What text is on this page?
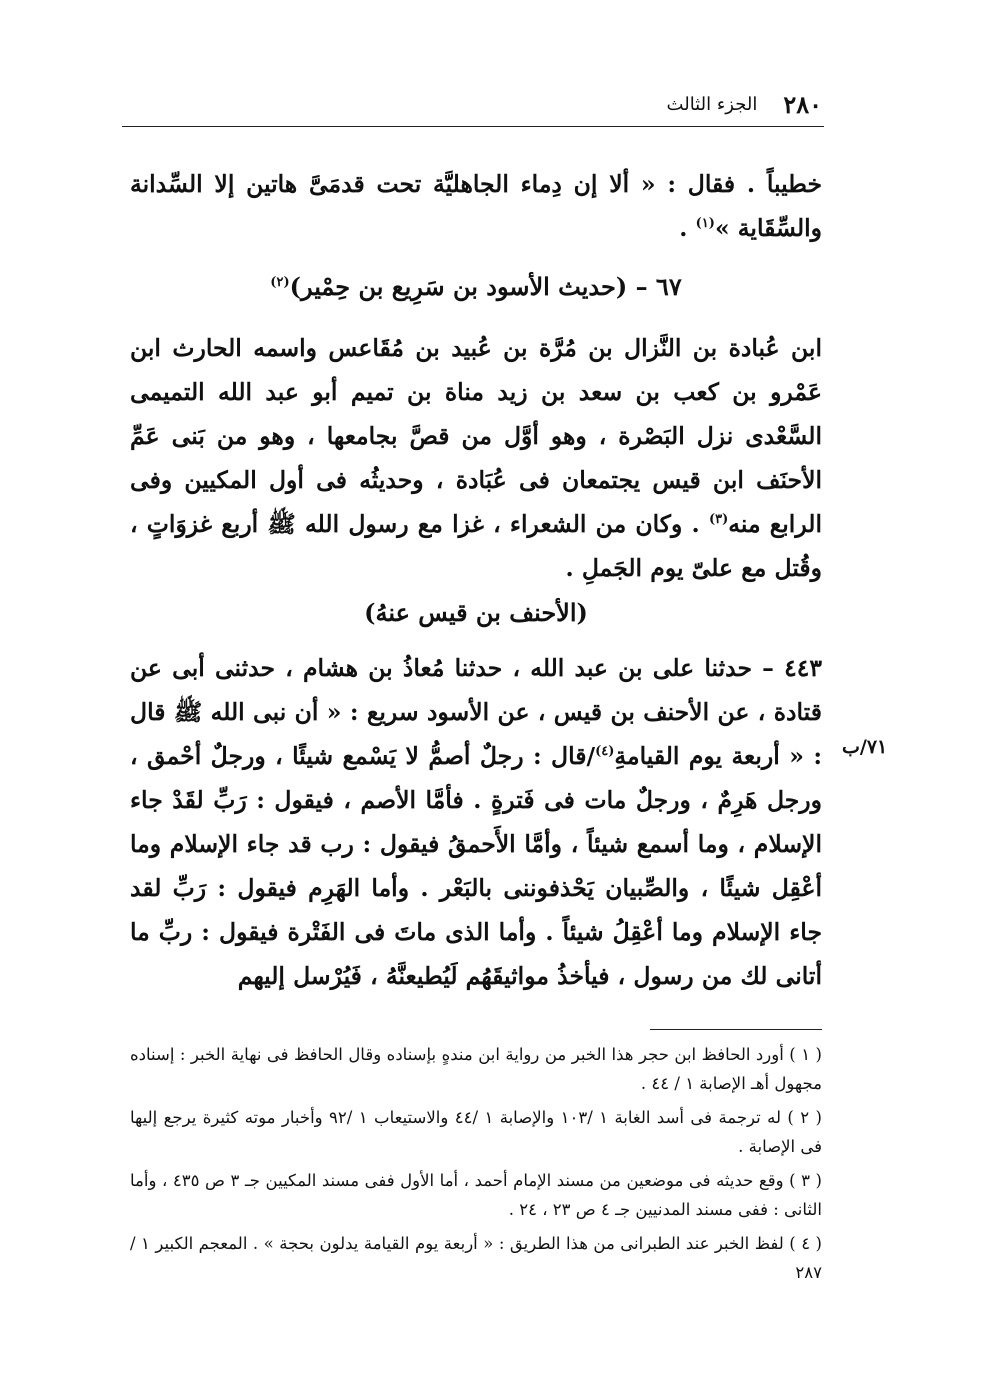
٢٨٠
الجزء الثالث
خطيباً . فقال : « ألا إن دِماء الجاهليَّة تحت قدمَىَّ هاتين إلا السِّدانة والسِّقَاية »$^{(١)}$ .
٦٧ – (حديث الأسود بن سَرِيع بن حِمْير)$^{(٢)}$
ابن عُبادة بن النَّزال بن مُرَّة بن عُبيد بن مُقَاعس واسمه الحارث ابن عَمْرو بن كعب بن سعد بن زيد مناة بن تميم أبو عبد الله التميمى السَّعْدى نزل البَصْرة ، وهو أوَّل من قصَّ بجامعها ، وهو من بَنى عَمِّ الأحنَف ابن قيس يجتمعان فى عُبَادة ، وحديثُه فى أول المكيين وفى الرابع منه$^{(٣)}$ . وكان من الشعراء ، غزا مع رسول الله ﷺ أربع غزوَاتٍ ، وقُتل مع علىّ يوم الجَملِ .
(الأحنف بن قيس عنهُ)
٤٤٣ – حدثنا على بن عبد الله ، حدثنا مُعاذُ بن هشام ، حدثنى أبى عن قتادة ، عن الأحنف بن قيس ، عن الأسود سريع : « أن نبى الله ﷺ قال : « أربعة يوم القيامةِ$^{(٤)}$/قال : رجلٌ أصمُّ لا يَسْمع شيئًا ، ورجلٌ أحْمق ، ورجل هَرِمٌ ، ورجلٌ مات فى فَترةٍ . فأمَّا الأصم ، فيقول : رَبِّ لقَدْ جاء الإسلام ، وما أسمع شيئاً ، وأمَّا الأَحمقُ فيقول : رب قد جاء الإسلام وما أعْقِل شيئًا ، والصِّبيان يَحْذفوننى بالبَعْر . وأما الهَرِم فيقول : رَبِّ لقد جاء الإسلام وما أعْقِلُ شيئاً . وأما الذى ماتَ فى الفَتْرة فيقول : ربِّ ما أتانى لك من رسول ، فيأخذُ مواثيقَهُم لَيُطيعنَّهُ ، فَيُرْسل إليهم
٧١/ب

( ١ ) أورد الحافظ ابن حجر هذا الخبر من رواية ابن مندهٍ بإسناده وقال الحافظ فى نهاية الخبر : إسناده مجهول أهـ الإصابة ١ / ٤٤ .

( ٢ ) له ترجمة فى أسد الغابة ١ /١٠٣ والإصابة ١ /٤٤ والاستيعاب ١ /٩٢ وأخبار موته كثيرة يرجع إليها فى الإصابة .

( ٣ ) وقع حديثه فى موضعين من مسند الإمام أحمد ، أما الأول ففى مسند المكيين جـ ٣ ص ٤٣٥ ، وأما الثانى : ففى مسند المدنيين جـ ٤ ص ٢٣ ، ٢٤ .

( ٤ ) لفظ الخبر عند الطبرانى من هذا الطريق : « أربعة يوم القيامة يدلون بحجة » . المعجم الكبير ١ /٢٨٧
